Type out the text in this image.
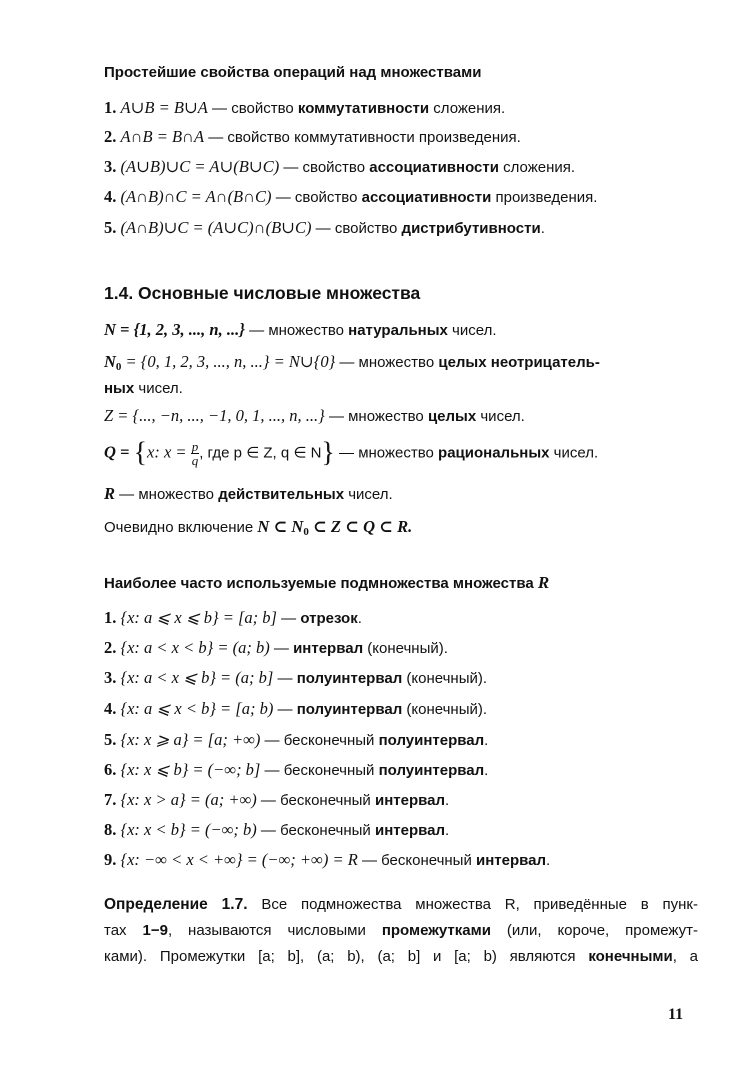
Простейшие свойства операций над множествами
1. A∪B = B∪A — свойство коммутативности сложения.
2. A∩B = B∩A — свойство коммутативности произведения.
3. (A∪B)∪C = A∪(B∪C) — свойство ассоциативности сложения.
4. (A∩B)∩C = A∩(B∩C) — свойство ассоциативности произведения.
5. (A∩B)∪C = (A∪C)∩(B∪C) — свойство дистрибутивности.
1.4. Основные числовые множества
N = {1, 2, 3, ..., n, ...} — множество натуральных чисел.
$N_0 = \{0$, 1, 2, 3, ..., n, ...} = N∪{0} — множество целых неотрицатель-
ных чисел.
Z = {..., −n, ..., −1, 0, 1, ..., n, ...} — множество целых чисел.
Q = {x: $x = \frac{p}{q}$ , где p ∈ Z, q ∈ N} — множество рациональных чисел.
R — множество действительных чисел.
Очевидно включение N ⊂ $N_0$ ⊂ Z ⊂ Q ⊂ R.
Наиболее часто используемые подмножества множества R
1. {x: a ⩽ x ⩽ b} = [a; b] — отрезок.
2. {x: a < x < b} = (a; b) — интервал (конечный).
3. {x: a < x ⩽ b} = (a; b] — полуинтервал (конечный).
4. {x: a ⩽ x < b} = [a; b) — полуинтервал (конечный).
5. {x: x ⩾ a} = [a; +∞) — бесконечный полуинтервал.
6. {x: x ⩽ b} = (−∞; b] — бесконечный полуинтервал.
7. {x: x > a} = (a; +∞) — бесконечный интервал.
8. {x: x < b} = (−∞; b) — бесконечный интервал.
9. {x: −∞ < x < +∞} = (−∞; +∞) = R — бесконечный интервал.
Определение 1.7. Все подмножества множества R, приведённые в пунк-
тах 1−9, называются числовыми промежутками (или, короче, промежут-
ками). Промежутки [a; b], (a; b), (a; b] и [a; b) являются конечными, а
11
